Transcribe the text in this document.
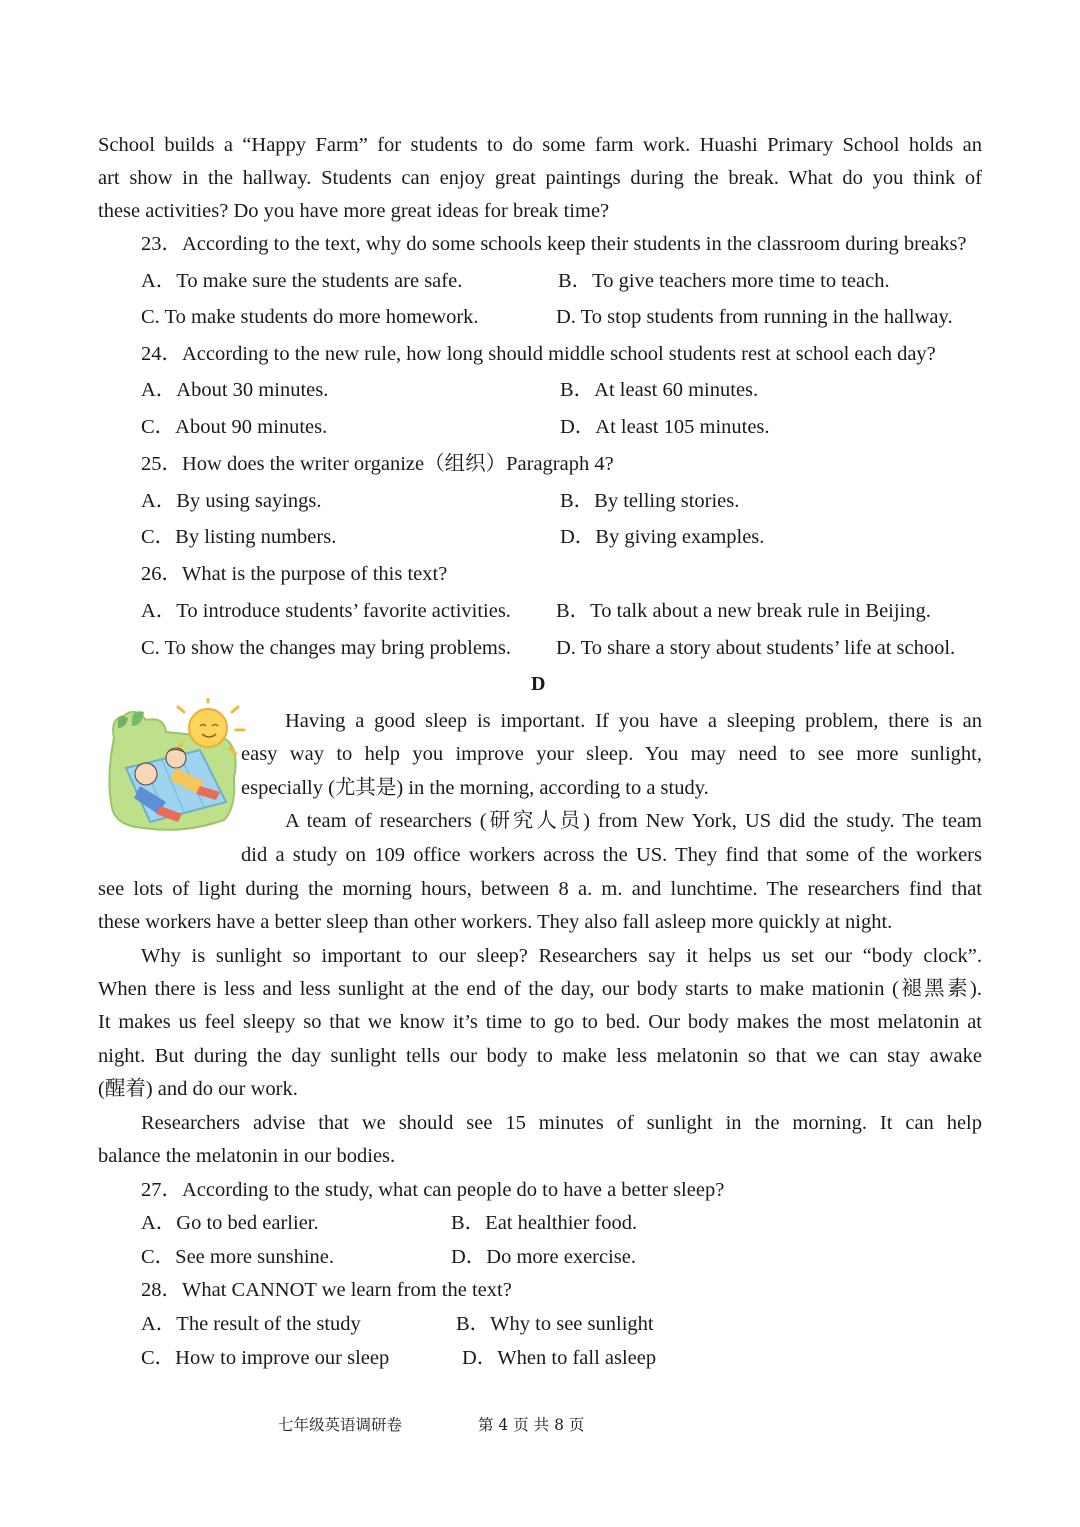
School builds a “Happy Farm” for students to do some farm work. Huashi Primary School holds an
art show in the hallway. Students can enjoy great paintings during the break. What do you think of
these activities? Do you have more great ideas for break time?
23．According to the text, why do some schools keep their students in the classroom during breaks?
A．To make sure the students are safe.	B．To give teachers more time to teach.
C. To make students do more homework.	D. To stop students from running in the hallway.
24．According to the new rule, how long should middle school students rest at school each day?
A．About 30 minutes.	B．At least 60 minutes.
C．About 90 minutes.	D．At least 105 minutes.
25．How does the writer organize（组织）Paragraph 4?
A．By using sayings.	B．By telling stories.
C．By listing numbers.	D．By giving examples.
26．What is the purpose of this text?
A．To introduce students’ favorite activities. B．To talk about a new break rule in Beijing.
C. To show the changes may bring problems. D. To share a story about students’ life at school.
D
Having a good sleep is important. If you have a sleeping problem, there is an
easy way to help you improve your sleep. You may need to see more sunlight,
especially (尤其是) in the morning, according to a study.
A team of researchers (研究人员) from New York, US did the study. The team
did a study on 109 office workers across the US. They find that some of the workers
see lots of light during the morning hours, between 8 a. m. and lunchtime. The researchers find that
these workers have a better sleep than other workers. They also fall asleep more quickly at night.
Why is sunlight so important to our sleep? Researchers say it helps us set our “body clock”.
When there is less and less sunlight at the end of the day, our body starts to make mationin (褪黑素).
It makes us feel sleepy so that we know it’s time to go to bed. Our body makes the most melatonin at
night. But during the day sunlight tells our body to make less melatonin so that we can stay awake
(醒着) and do our work.
Researchers advise that we should see 15 minutes of sunlight in the morning. It can help
balance the melatonin in our bodies.
27．According to the study, what can people do to have a better sleep?
A．Go to bed earlier.	B．Eat healthier food.
C．See more sunshine.	D．Do more exercise.
28．What CANNOT we learn from the text?
A．The result of the study	B．Why to see sunlight
C．How to improve our sleep	D．When to fall asleep
七年级英语调研卷	第 4 页 共 8 页
